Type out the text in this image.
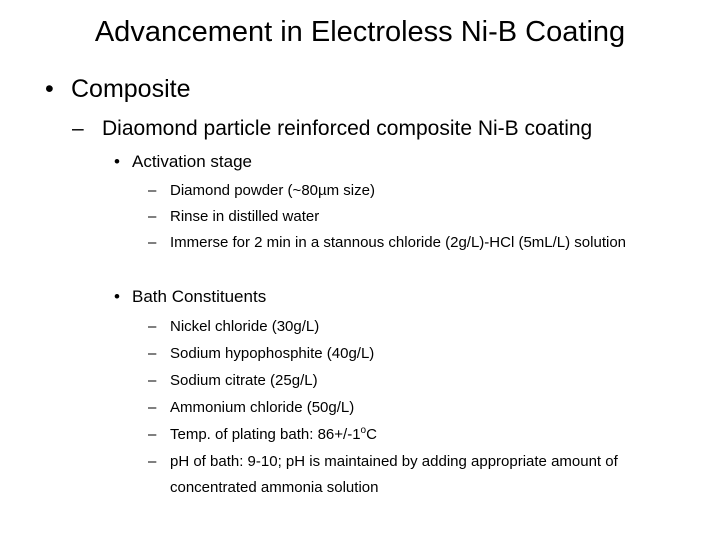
Advancement in Electroless Ni-B Coating
• Composite
– Diaomond particle reinforced composite Ni-B coating
• Activation stage
– Diamond powder (~80µm size)
– Rinse in distilled water
– Immerse for 2 min in a stannous chloride (2g/L)-HCl (5mL/L) solution
• Bath Constituents
– Nickel chloride (30g/L)
– Sodium hypophosphite (40g/L)
– Sodium citrate (25g/L)
– Ammonium chloride (50g/L)
– Temp. of plating bath: $86+/-1^oC$
– pH of bath: 9-10; pH is maintained by adding appropriate amount of concentrated ammonia solution
